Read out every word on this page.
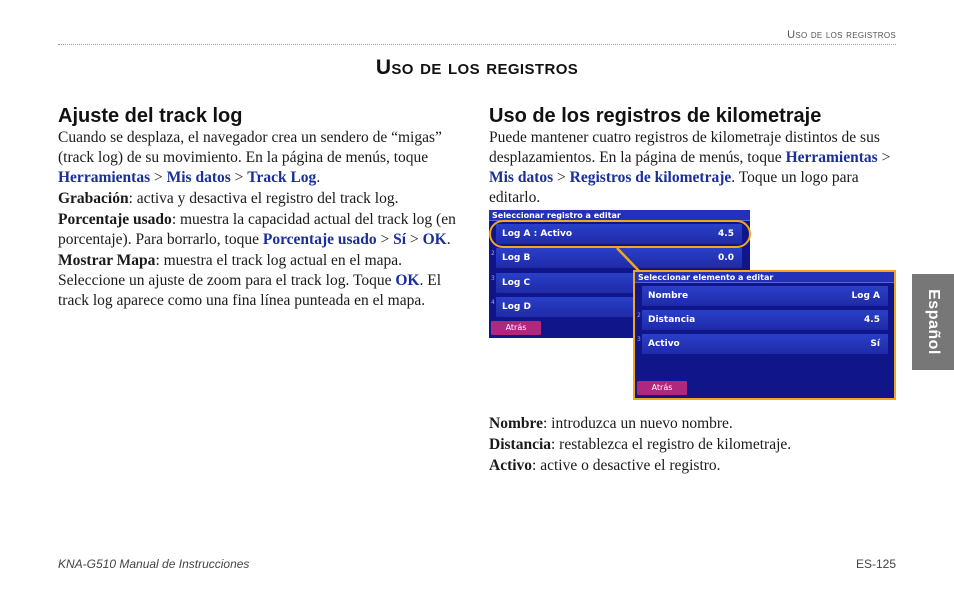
Uso de los registros
Uso de los registros
Ajuste del track log

Cuando se desplaza, el navegador crea un sendero de “migas” (track log) de su movimiento. En la página de menús, toque Herramientas > Mis datos > Track Log.

Grabación: activa y desactiva el registro del track log.

Porcentaje usado: muestra la capacidad actual del track log (en porcentaje). Para borrarlo, toque Porcentaje usado > Sí > OK.

Mostrar Mapa: muestra el track log actual en el mapa. Seleccione un ajuste de zoom para el track log. Toque OK. El track log aparece como una fina línea punteada en el mapa.

Uso de los registros de kilometraje

Puede mantener cuatro registros de kilometraje distintos de sus desplazamientos. En la página de menús, toque Herramientas > Mis datos > Registros de kilometraje. Toque un logo para editarlo.

Seleccionar registro a editar
Log A : Activo	4.5
2 Log B	0.0
3 Log C
4 Log D
Atrás
Seleccionar elemento a editar
Nombre	Log A
2 Distancia	4.5
3 Activo	Sí
Atrás

Nombre: introduzca un nuevo nombre.

Distancia: restablezca el registro de kilometraje.

Activo: active o desactive el registro.

Español
KNA-G510 Manual de Instrucciones	ES-125
